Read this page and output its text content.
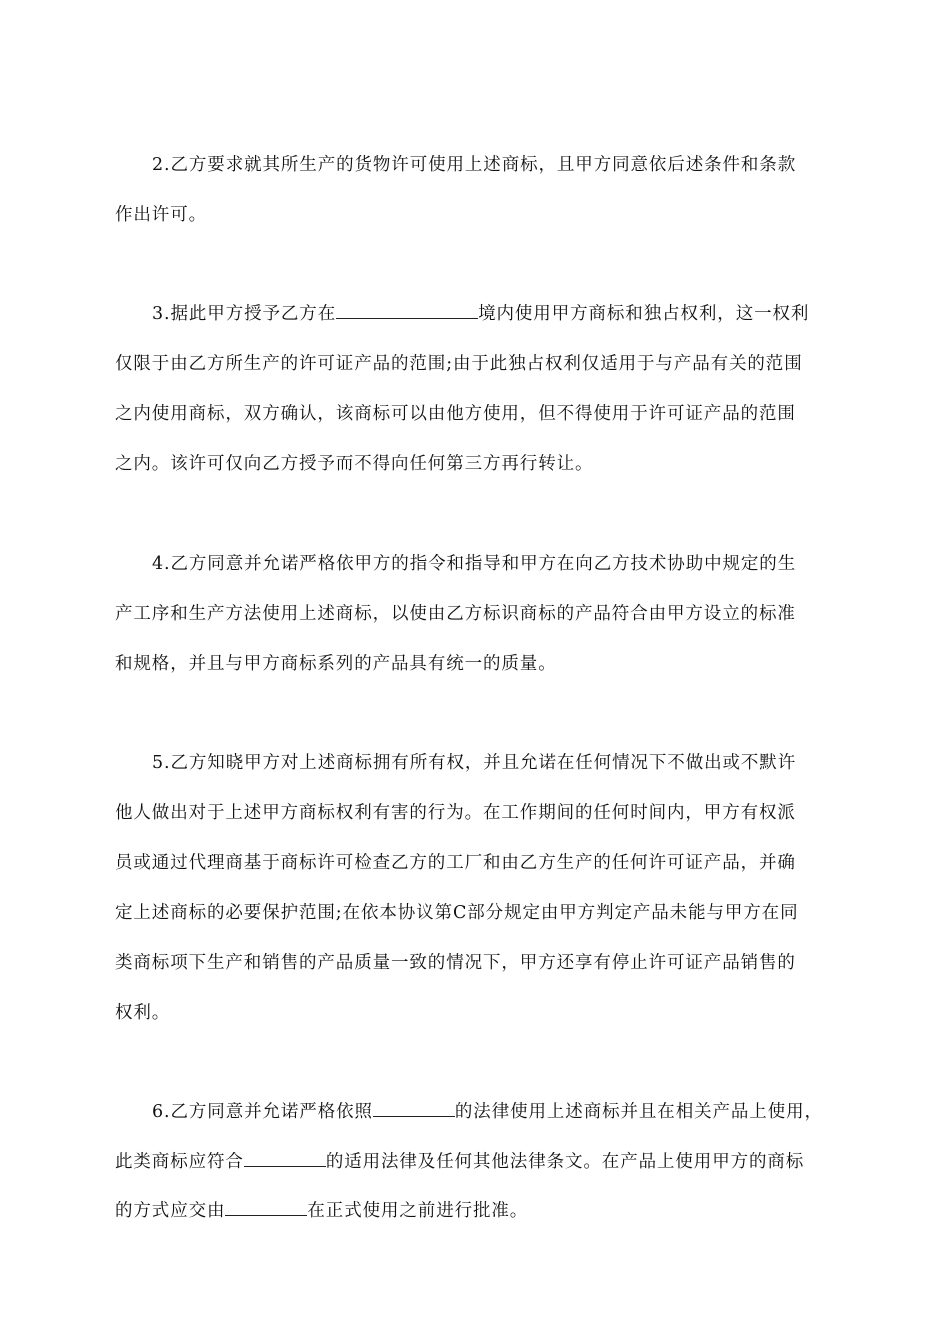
2.乙方要求就其所生产的货物许可使用上述商标，且甲方同意依后述条件和条款
作出许可。
3.据此甲方授予乙方在	境内使用甲方商标和独占权利，这一权利
仅限于由乙方所生产的许可证产品的范围;由于此独占权利仅适用于与产品有关的范围
之内使用商标，双方确认，该商标可以由他方使用，但不得使用于许可证产品的范围
之内。该许可仅向乙方授予而不得向任何第三方再行转让。
4.乙方同意并允诺严格依甲方的指令和指导和甲方在向乙方技术协助中规定的生
产工序和生产方法使用上述商标，以使由乙方标识商标的产品符合由甲方设立的标准
和规格，并且与甲方商标系列的产品具有统一的质量。
5.乙方知晓甲方对上述商标拥有所有权，并且允诺在任何情况下不做出或不默许
他人做出对于上述甲方商标权利有害的行为。在工作期间的任何时间内，甲方有权派
员或通过代理商基于商标许可检查乙方的工厂和由乙方生产的任何许可证产品，并确
定上述商标的必要保护范围;在依本协议第C部分规定由甲方判定产品未能与甲方在同
类商标项下生产和销售的产品质量一致的情况下，甲方还享有停止许可证产品销售的
权利。
6.乙方同意并允诺严格依照	的法律使用上述商标并且在相关产品上使用，
此类商标应符合	的适用法律及任何其他法律条文。在产品上使用甲方的商标
的方式应交由	在正式使用之前进行批准。
